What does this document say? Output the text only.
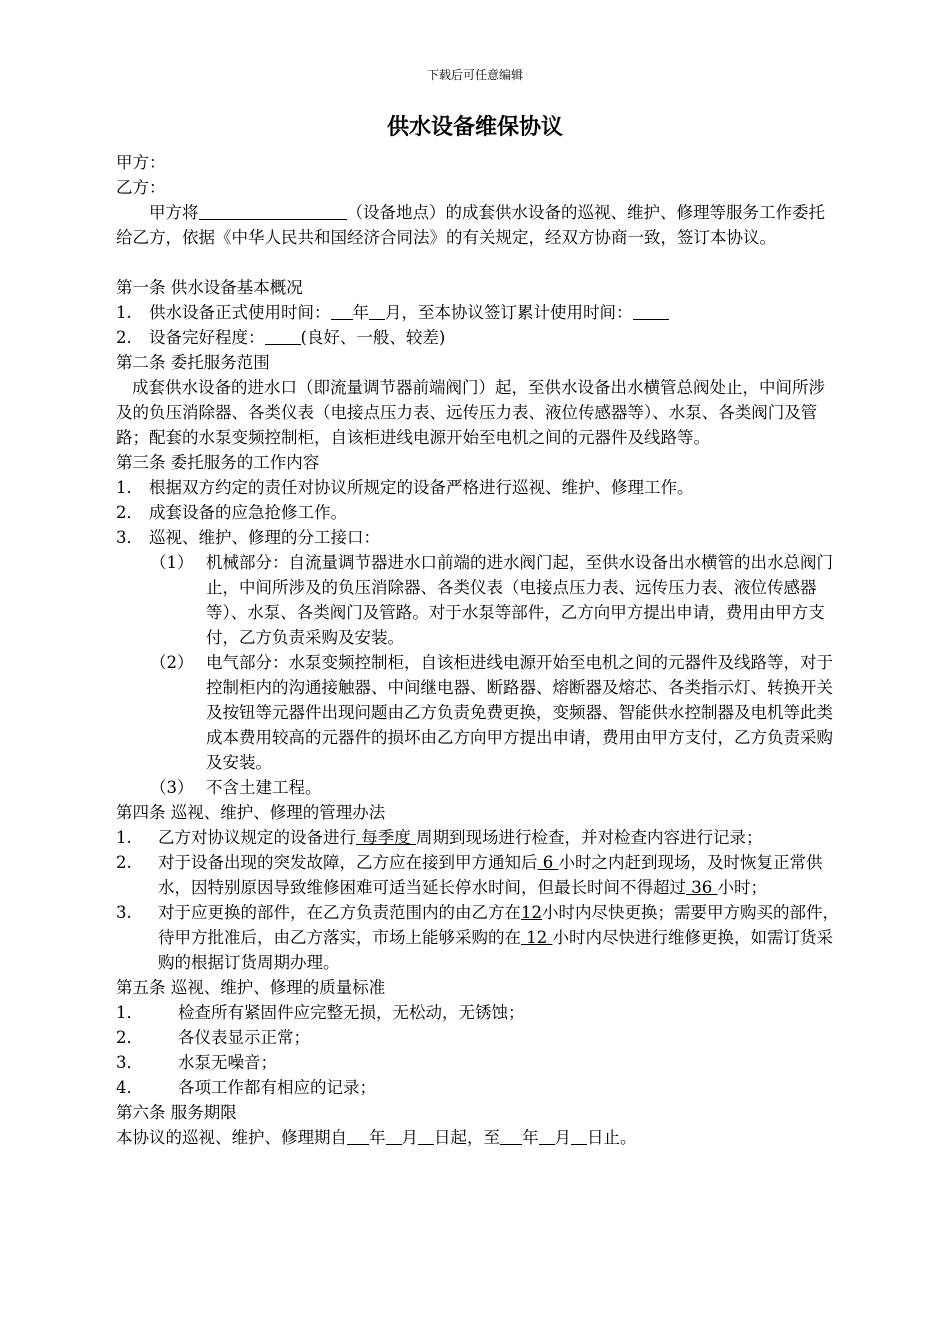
下载后可任意编辑
供水设备维保协议

甲方：

乙方：

甲方将	（设备地点）的成套供水设备的巡视、维护、修理等服务工作委托给乙方，依据《中华人民共和国经济合同法》的有关规定，经双方协商一致，签订本协议。

第一条 供水设备基本概况

1.	供水设备正式使用时间： 年 月，至本协议签订累计使用时间：
2.	设备完好程度： (良好、一般、较差)

第二条 委托服务范围

成套供水设备的进水口（即流量调节器前端阀门）起，至供水设备出水横管总阀处止，中间所涉及的负压消除器、各类仪表（电接点压力表、远传压力表、液位传感器等）、水泵、各类阀门及管路；配套的水泵变频控制柜，自该柜进线电源开始至电机之间的元器件及线路等。

第三条 委托服务的工作内容

1． 根据双方约定的责任对协议所规定的设备严格进行巡视、维护、修理工作。
2． 成套设备的应急抢修工作。
3． 巡视、维护、修理的分工接口：
（1） 机械部分：自流量调节器进水口前端的进水阀门起，至供水设备出水横管的出水总阀门止，中间所涉及的负压消除器、各类仪表（电接点压力表、远传压力表、液位传感器等）、水泵、各类阀门及管路。对于水泵等部件，乙方向甲方提出申请，费用由甲方支付，乙方负责采购及安装。
（2） 电气部分：水泵变频控制柜，自该柜进线电源开始至电机之间的元器件及线路等，对于控制柜内的沟通接触器、中间继电器、断路器、熔断器及熔芯、各类指示灯、转换开关及按钮等元器件出现问题由乙方负责免费更换，变频器、智能供水控制器及电机等此类成本费用较高的元器件的损坏由乙方向甲方提出申请，费用由甲方支付，乙方负责采购及安装。
（3） 不含土建工程。

第四条 巡视、维护、修理的管理办法

1.	乙方对协议规定的设备进行 每季度 周期到现场进行检查，并对检查内容进行记录；
2.	对于设备出现的突发故障，乙方应在接到甲方通知后 6 小时之内赶到现场，及时恢复正常供水，因特别原因导致维修困难可适当延长停水时间，但最长时间不得超过 36 小时；
3.	对于应更换的部件，在乙方负责范围内的由乙方在12小时内尽快更换；需要甲方购买的部件，待甲方批准后，由乙方落实，市场上能够采购的在 12 小时内尽快进行维修更换，如需订货采购的根据订货周期办理。

第五条 巡视、维护、修理的质量标准

1．	检查所有紧固件应完整无损，无松动，无锈蚀；
2．	各仪表显示正常；
3．	水泵无噪音；
4．	各项工作都有相应的记录；

第六条 服务期限

本协议的巡视、维护、修理期自 年 月 日起，至 年 月 日止。
